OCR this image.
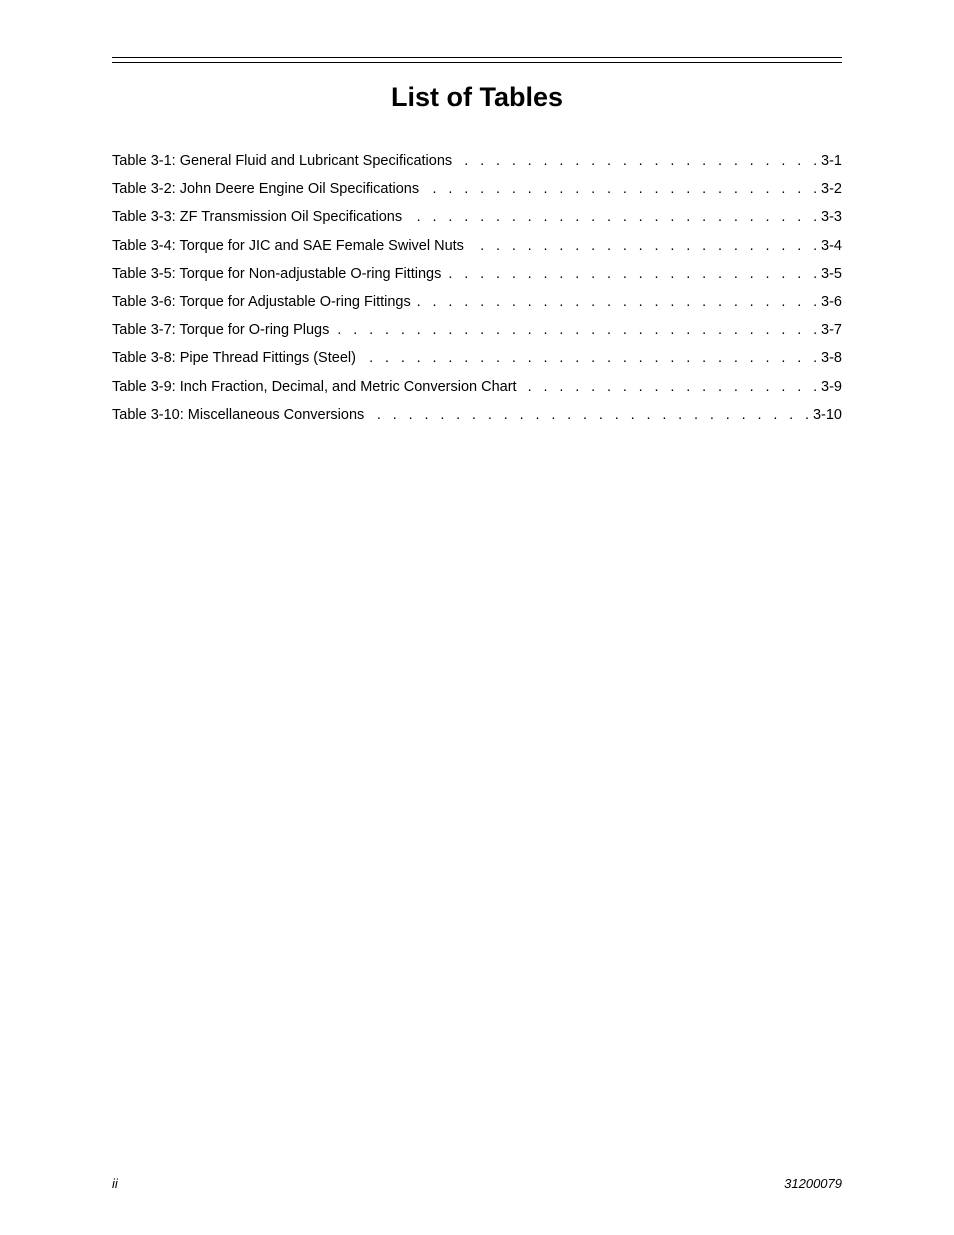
List of Tables
Table 3-1: General Fluid and Lubricant Specifications . . .	3-1
Table 3-2: John Deere Engine Oil Specifications . . .	3-2
Table 3-3: ZF Transmission Oil Specifications . . .	3-3
Table 3-4: Torque for JIC and SAE Female Swivel Nuts . . .	3-4
Table 3-5: Torque for Non-adjustable O-ring Fittings . . .	3-5
Table 3-6: Torque for Adjustable O-ring Fittings . . .	3-6
Table 3-7: Torque for O-ring Plugs . . .	3-7
Table 3-8: Pipe Thread Fittings (Steel) . . .	3-8
Table 3-9: Inch Fraction, Decimal, and Metric Conversion Chart . . .	3-9
Table 3-10: Miscellaneous Conversions . . .	3-10
ii	31200079
